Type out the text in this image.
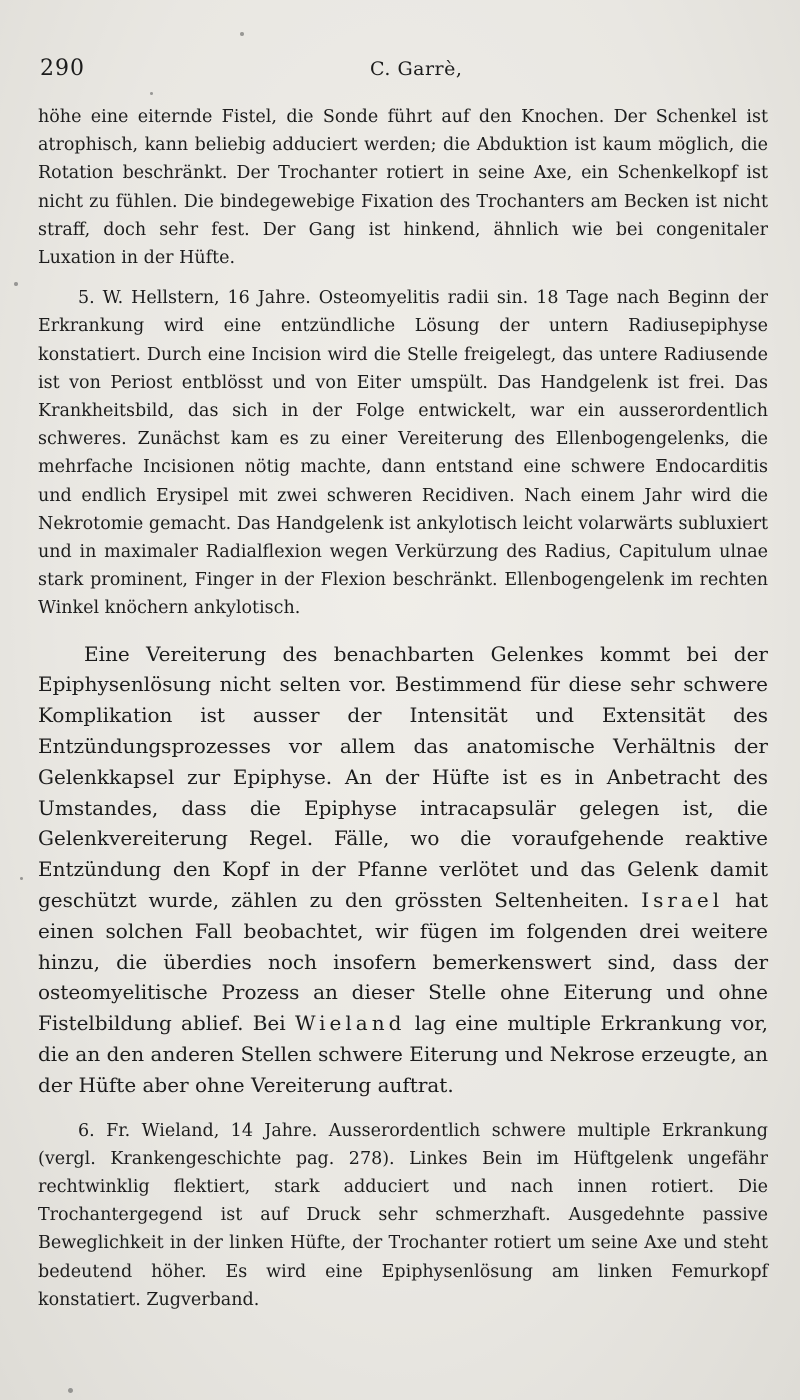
290	C. Garrè,

höhe eine eiternde Fistel, die Sonde führt auf den Knochen. Der Schenkel ist atrophisch, kann beliebig adduciert werden; die Abduktion ist kaum möglich, die Rotation beschränkt. Der Trochanter rotiert in seine Axe, ein Schenkelkopf ist nicht zu fühlen. Die bindegewebige Fixation des Trochanters am Becken ist nicht straff, doch sehr fest. Der Gang ist hinkend, ähnlich wie bei congenitaler Luxation in der Hüfte.

5. W. Hellstern, 16 Jahre. Osteomyelitis radii sin. 18 Tage nach Beginn der Erkrankung wird eine entzündliche Lösung der untern Radiusepiphyse konstatiert. Durch eine Incision wird die Stelle freigelegt, das untere Radiusende ist von Periost entblösst und von Eiter umspült. Das Handgelenk ist frei. Das Krankheitsbild, das sich in der Folge entwickelt, war ein ausserordentlich schweres. Zunächst kam es zu einer Vereiterung des Ellenbogengelenks, die mehrfache Incisionen nötig machte, dann entstand eine schwere Endocarditis und endlich Erysipel mit zwei schweren Recidiven. Nach einem Jahr wird die Nekrotomie gemacht. Das Handgelenk ist ankylotisch leicht volarwärts subluxiert und in maximaler Radialflexion wegen Verkürzung des Radius, Capitulum ulnae stark prominent, Finger in der Flexion beschränkt. Ellenbogengelenk im rechten Winkel knöchern ankylotisch.

Eine Vereiterung des benachbarten Gelenkes kommt bei der Epiphysenlösung nicht selten vor. Bestimmend für diese sehr schwere Komplikation ist ausser der Intensität und Extensität des Entzündungsprozesses vor allem das anatomische Verhältnis der Gelenkkapsel zur Epiphyse. An der Hüfte ist es in Anbetracht des Umstandes, dass die Epiphyse intracapsulär gelegen ist, die Gelenkvereiterung Regel. Fälle, wo die voraufgehende reaktive Entzündung den Kopf in der Pfanne verlötet und das Gelenk damit geschützt wurde, zählen zu den grössten Seltenheiten. Israel hat einen solchen Fall beobachtet, wir fügen im folgenden drei weitere hinzu, die überdies noch insofern bemerkenswert sind, dass der osteomyelitische Prozess an dieser Stelle ohne Eiterung und ohne Fistelbildung ablief. Bei Wieland lag eine multiple Erkrankung vor, die an den anderen Stellen schwere Eiterung und Nekrose erzeugte, an der Hüfte aber ohne Vereiterung auftrat.

6. Fr. Wieland, 14 Jahre. Ausserordentlich schwere multiple Erkrankung (vergl. Krankengeschichte pag. 278). Linkes Bein im Hüftgelenk ungefähr rechtwinklig flektiert, stark adduciert und nach innen rotiert. Die Trochantergegend ist auf Druck sehr schmerzhaft. Ausgedehnte passive Beweglichkeit in der linken Hüfte, der Trochanter rotiert um seine Axe und steht bedeutend höher. Es wird eine Epiphysenlösung am linken Femurkopf konstatiert. Zugverband.
